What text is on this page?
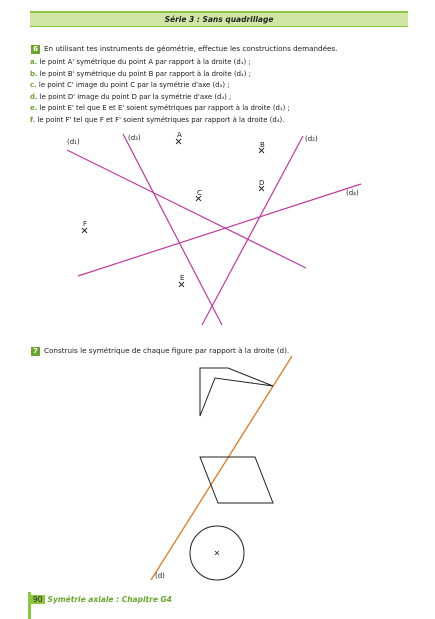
Série 3 : Sans quadrillage
6 En utilisant tes instruments de géométrie, effectue les constructions demandées.
a. le point A' symétrique du point A par rapport à la droite (d₁) ;
b. le point B' symétrique du point B par rapport à la droite (d₂) ;
c. le point C' image du point C par la symétrie d'axe (d₃) ;
d. le point D' image du point D par la symétrie d'axe (d₄) ;
e. le point E' tel que E et E' soient symétriques par rapport à la droite (d₁) ;
f. le point F' tel que F et F' soient symétriques par rapport à la droite (d₄).
(d₁)	(d₃)	(d₂)
(d₄)
A
B
C
D
E
F
(d)
7 Construis le symétrique de chaque figure par rapport à la droite (d).
90 Symétrie axiale : Chapitre G4
